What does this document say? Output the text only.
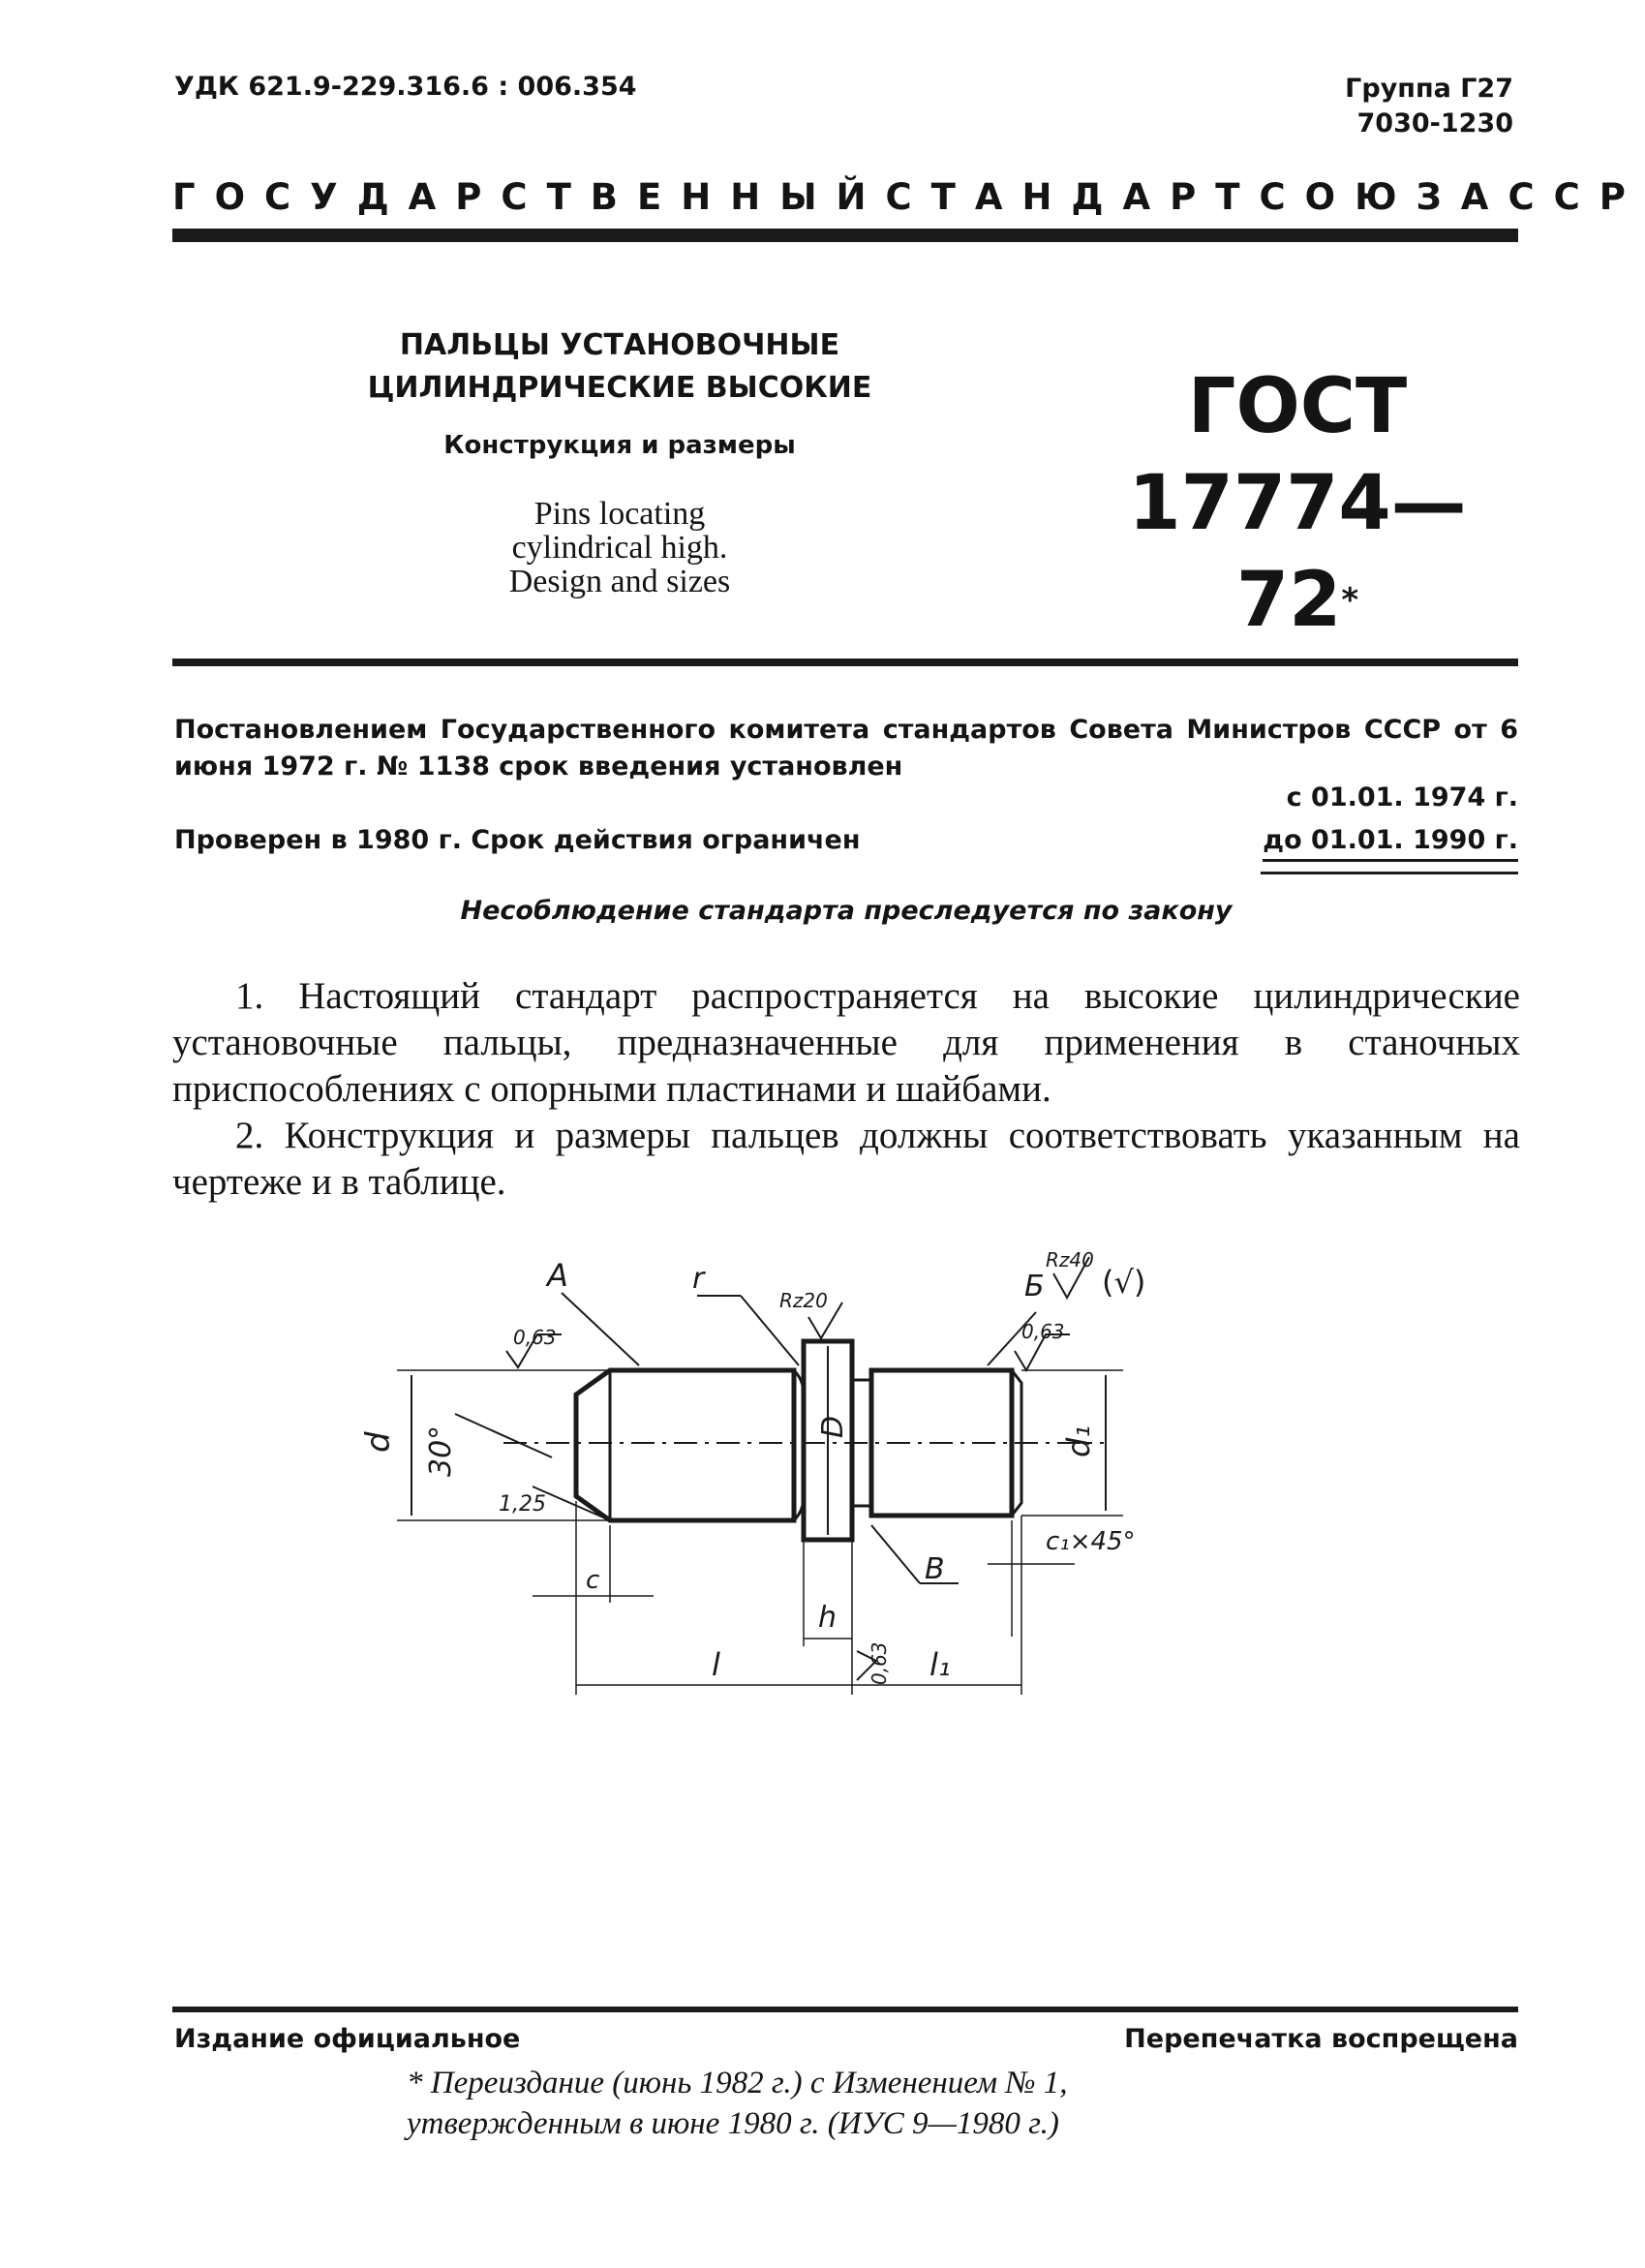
УДК 621.9-229.316.6 : 006.354	Группа Г27
7030-1230
ГОСУДАРСТВЕННЫЙ СТАНДАРТ СОЮЗА ССР
ПАЛЬЦЫ УСТАНОВОЧНЫЕ
ЦИЛИНДРИЧЕСКИЕ ВЫСОКИЕ
Конструкция и размеры
Pins locating
cylindrical high.
Design and sizes
ГОСТ
17774—72*
Постановлением Государственного комитета стандартов Совета Министров СССР от 6 июня 1972 г. № 1138 срок введения установлен
с 01.01. 1974 г.
Проверен в 1980 г. Срок действия ограничен	до 01.01. 1990 г.
Несоблюдение стандарта преследуется по закону

1. Настоящий стандарт распространяется на высокие цилиндрические установочные пальцы, предназначенные для применения в станочных приспособлениях с опорными пластинами и шайбами.

2. Конструкция и размеры пальцев должны соответствовать указанным на чертеже и в таблице.

d 30°
1,25
0,63
А	r
Rz20
D
Б
Rz40
(√)
0,63
d₁
c₁×45°
B
c
h
l	l₁
0,63
Издание официальное	Перепечатка воспрещена
* Переиздание (июнь 1982 г.) с Изменением № 1,
утвержденным в июне 1980 г. (ИУС 9—1980 г.)
